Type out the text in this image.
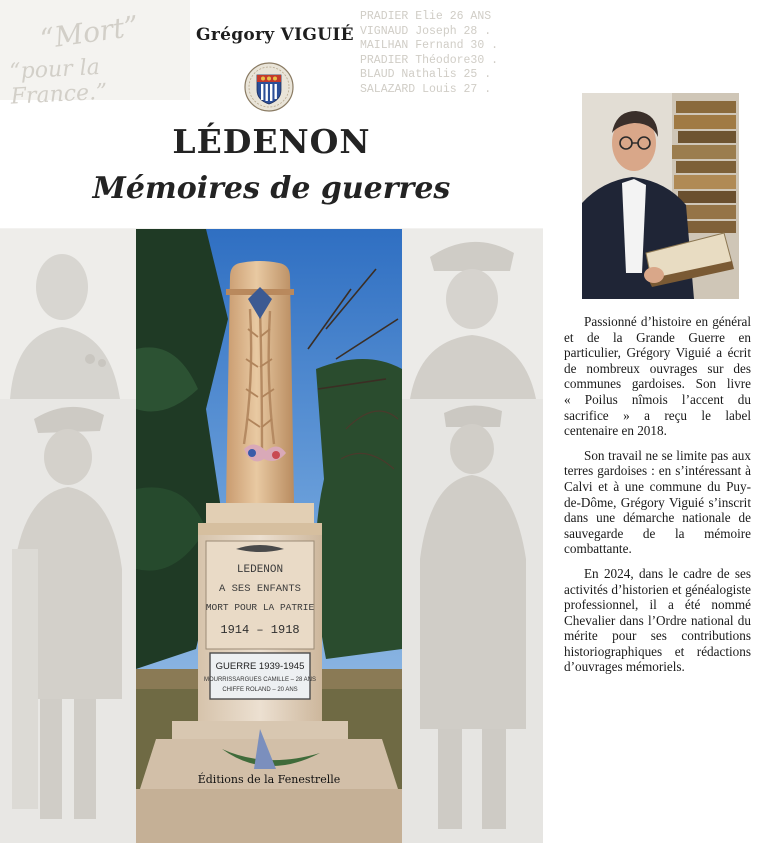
“Mort”
“pour la France.”
PRADIER Elie 26 ANS
VIGNAUD Joseph 28 .
MAILHAN Fernand 30 .
PRADIER Théodore30 .
BLAUD Nathalis 25 .
SALAZARD Louis 27 .
Grégory VIGUIÉ
LÉDENON
Mémoires de guerres
LEDENON
A SES ENFANTS
MORT POUR LA PATRIE
1914 – 1918
GUERRE 1939-1945
MOURRISSARGUES CAMILLE – 28 ANS
CHIFFE ROLAND – 20 ANS
Éditions de la Fenestrelle

Passionné d’histoire en général et de la Grande Guerre en particulier, Grégory Viguié a écrit de nombreux ouvrages sur des communes gardoises. Son livre « Poilus nîmois l’accent du sacrifice » a reçu le label centenaire en 2018.

Son travail ne se limite pas aux terres gardoises : en s’intéressant à Calvi et à une commune du Puy-de-Dôme, Grégory Viguié s’inscrit dans une démarche nationale de sauvegarde de la mémoire combattante.

En 2024, dans le cadre de ses activités d’historien et généalogiste professionnel, il a été nommé Chevalier dans l’Ordre national du mérite pour ses contributions historiographiques et rédactions d’ouvrages mémoriels.
